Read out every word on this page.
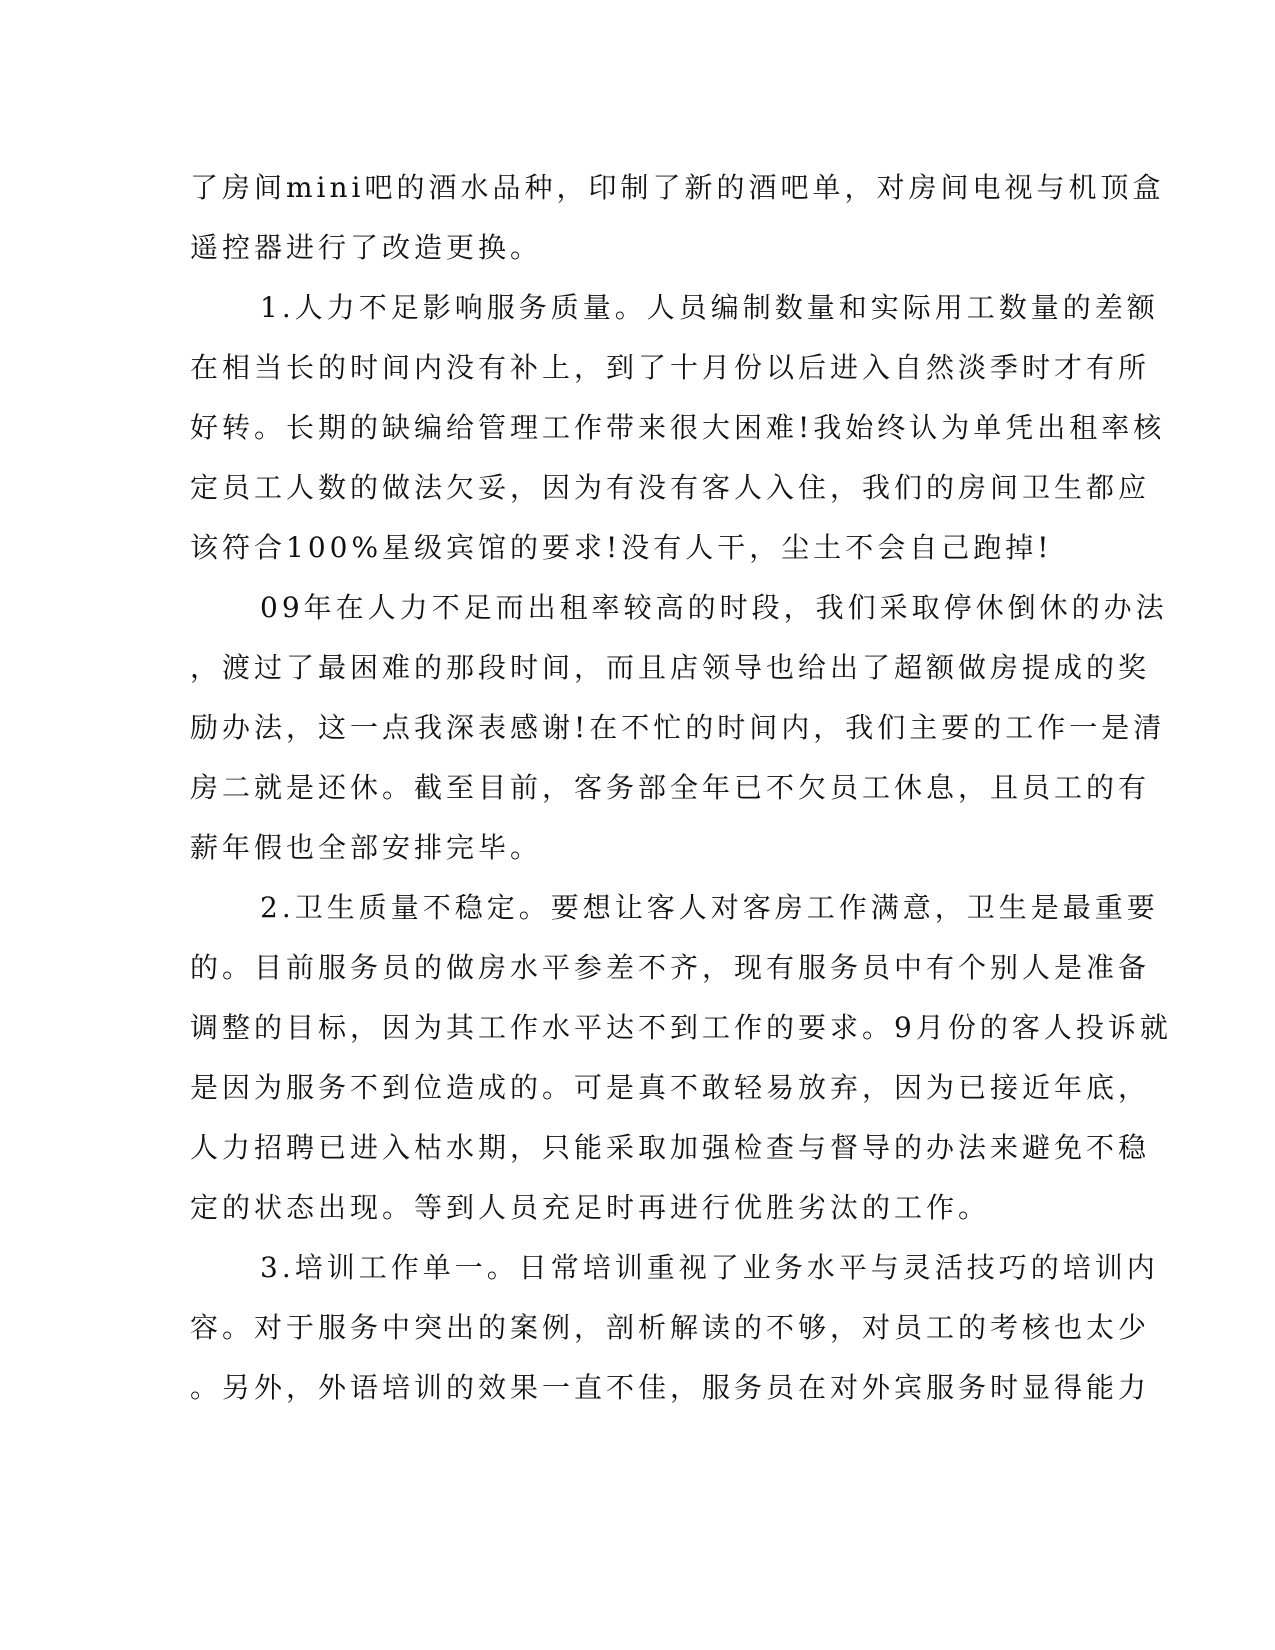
了房间mini吧的酒水品种，印制了新的酒吧单，对房间电视与机顶盒
遥控器进行了改造更换。
1.人力不足影响服务质量。人员编制数量和实际用工数量的差额
在相当长的时间内没有补上，到了十月份以后进入自然淡季时才有所
好转。长期的缺编给管理工作带来很大困难!我始终认为单凭出租率核
定员工人数的做法欠妥，因为有没有客人入住，我们的房间卫生都应
该符合100%星级宾馆的要求!没有人干，尘土不会自己跑掉!
09年在人力不足而出租率较高的时段，我们采取停休倒休的办法
，渡过了最困难的那段时间，而且店领导也给出了超额做房提成的奖
励办法，这一点我深表感谢!在不忙的时间内，我们主要的工作一是清
房二就是还休。截至目前，客务部全年已不欠员工休息，且员工的有
薪年假也全部安排完毕。
2.卫生质量不稳定。要想让客人对客房工作满意，卫生是最重要
的。目前服务员的做房水平参差不齐，现有服务员中有个别人是准备
调整的目标，因为其工作水平达不到工作的要求。9月份的客人投诉就
是因为服务不到位造成的。可是真不敢轻易放弃，因为已接近年底，
人力招聘已进入枯水期，只能采取加强检查与督导的办法来避免不稳
定的状态出现。等到人员充足时再进行优胜劣汰的工作。
3.培训工作单一。日常培训重视了业务水平与灵活技巧的培训内
容。对于服务中突出的案例，剖析解读的不够，对员工的考核也太少
。另外，外语培训的效果一直不佳，服务员在对外宾服务时显得能力
